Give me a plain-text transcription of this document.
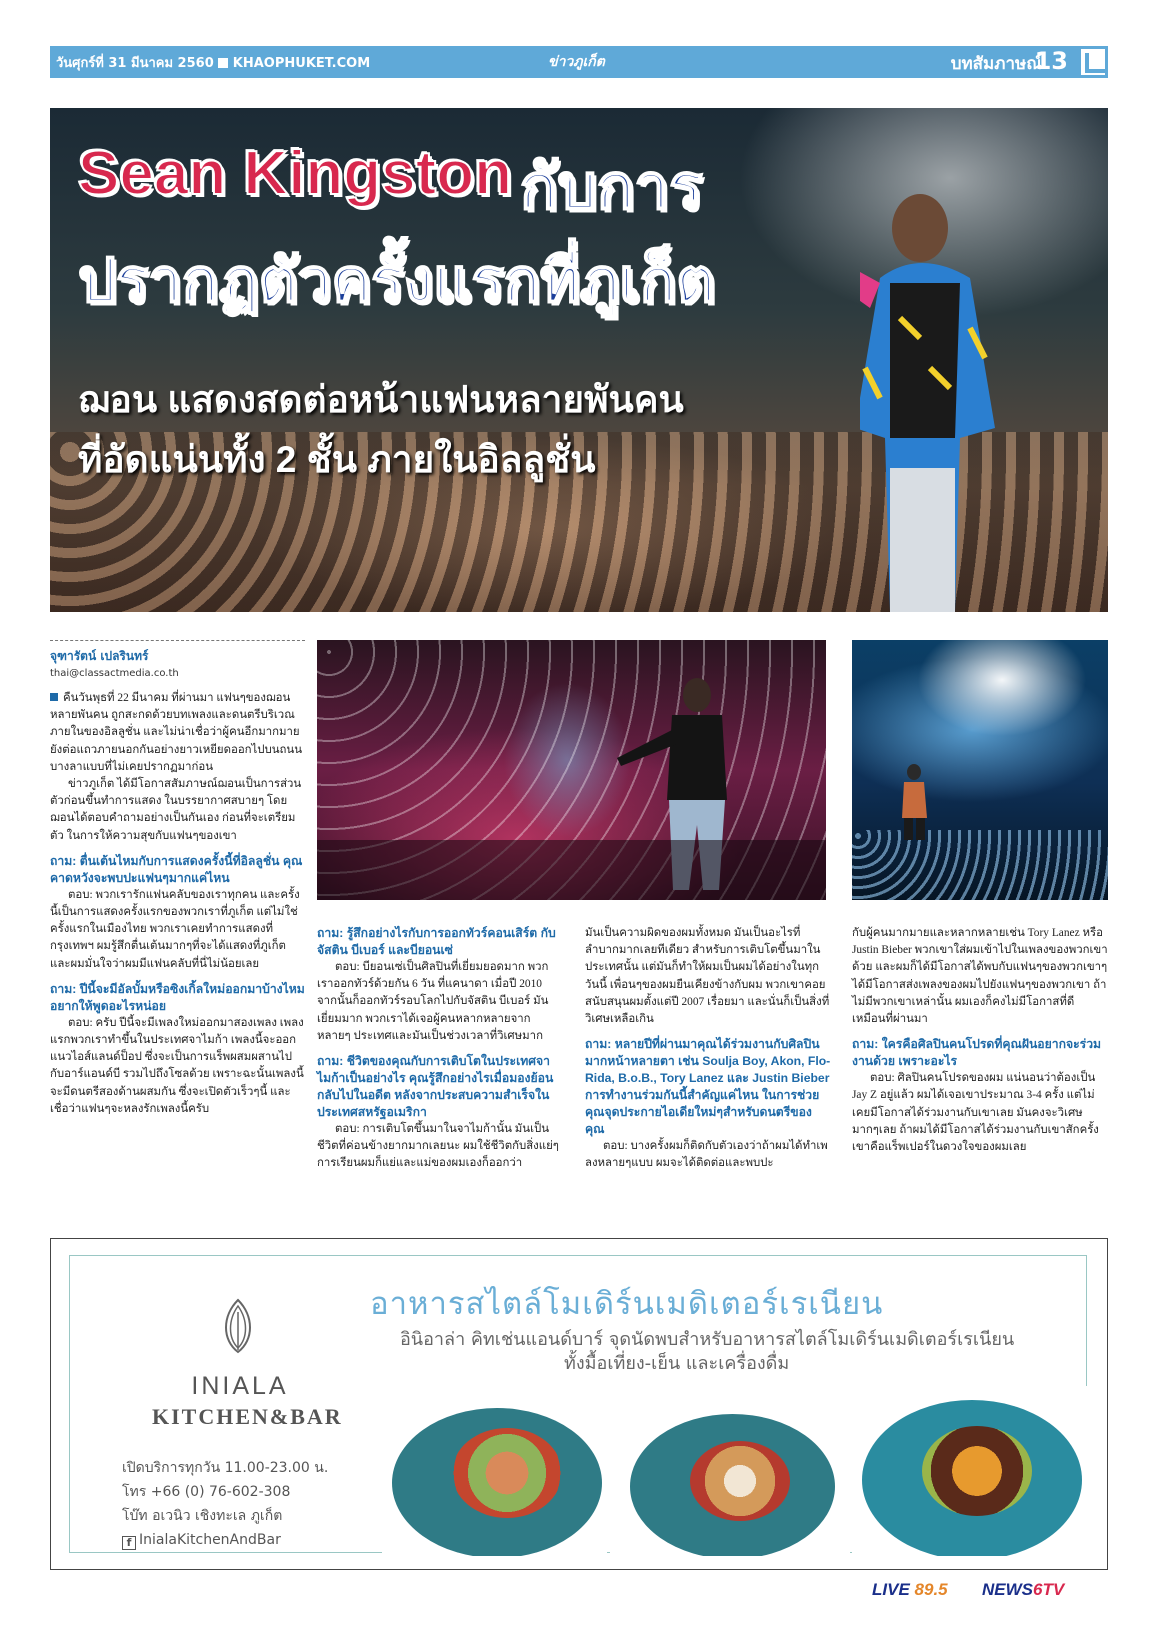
วันศุกร์ที่ 31 มีนาคม 2560 KHAOPHUKET.COM	ข่าวภูเก็ต	บทสัมภาษณ์
13
Sean Kingston กับการ
ปรากฏตัวครั้งแรกที่ภูเก็ต
ฌอน แสดงสดต่อหน้าแฟนหลายพันคน
ที่อัดแน่นทั้ง 2 ชั้น ภายในอิลลูชั่น
จุฑารัตน์ เปลรินทร์
thai@classactmedia.co.th

คืนวันพุธที่ 22 มีนาคม ที่ผ่านมา แฟนๆของฌอนหลายพันคน ถูกสะกดด้วยบทเพลงและดนตรีบริเวณภายในของอิลลูชั่น และไม่น่าเชื่อว่าผู้คนอีกมากมายยังต่อแถวภายนอกกันอย่างยาวเหยียดออกไปบนถนนบางลาแบบที่ไม่เคยปรากฏมาก่อน

ข่าวภูเก็ต ได้มีโอกาสสัมภาษณ์ฌอนเป็นการส่วนตัวก่อนขึ้นทำการแสดง ในบรรยากาศสบายๆ โดยฌอนได้ตอบคำถามอย่างเป็นกันเอง ก่อนที่จะเตรียมตัว ในการให้ความสุขกับแฟนๆของเขา

ถาม: ตื่นเต้นไหมกับการแสดงครั้งนี้ที่อิลลูชั่น คุณคาดหวังจะพบปะแฟนๆมากแค่ไหน

ตอบ: พวกเรารักแฟนคลับของเราทุกคน และครั้งนี้เป็นการแสดงครั้งแรกของพวกเราที่ภูเก็ต แต่ไม่ใช่ครั้งแรกในเมืองไทย พวกเราเคยทำการแสดงที่กรุงเทพฯ ผมรู้สึกตื่นเต้นมากๆที่จะได้แสดงที่ภูเก็ต และผมมั่นใจว่าผมมีแฟนคลับที่นี่ไม่น้อยเลย

ถาม: ปีนี้จะมีอัลบั้มหรือซิงเกิ้ลใหม่ออกมาบ้างไหม อยากให้พูดอะไรหน่อย

ตอบ: ครับ ปีนี้จะมีเพลงใหม่ออกมาสองเพลง เพลงแรกพวกเราทำขึ้นในประเทศจาไมก้า เพลงนี้จะออกแนวไอส์แลนด์ป็อป ซึ่งจะเป็นการแร็พผสมผสานไปกับอาร์แอนด์บี รวมไปถึงโซลด้วย เพราะฉะนั้นเพลงนี้จะมีดนตรีสองด้านผสมกัน ซึ่งจะเปิดตัวเร็วๆนี้ และเชื่อว่าแฟนๆจะหลงรักเพลงนี้ครับ

ถาม: รู้สึกอย่างไรกับการออกทัวร์คอนเสิร์ต กับ จัสติน บีเบอร์ และบียอนเซ่

ตอบ: บียอนเซ่เป็นศิลปินที่เยี่ยมยอดมาก พวกเราออกทัวร์ด้วยกัน 6 วัน ที่แคนาดา เมื่อปี 2010 จากนั้นก็ออกทัวร์รอบโลกไปกับจัสติน บีเบอร์ มันเยี่ยมมาก พวกเราได้เจอผู้คนหลากหลายจากหลายๆ ประเทศและมันเป็นช่วงเวลาที่วิเศษมาก

ถาม: ชีวิตของคุณกับการเติบโตในประเทศจาไมก้าเป็นอย่างไร คุณรู้สึกอย่างไรเมื่อมองย้อนกลับไปในอดีต หลังจากประสบความสำเร็จในประเทศสหรัฐอเมริกา

ตอบ: การเติบโตขึ้นมาในจาไมก้านั้น มันเป็นชีวิตที่ค่อนข้างยากมากเลยนะ ผมใช้ชีวิตกับสิ่งแย่ๆ การเรียนผมก็แย่และแม่ของผมเองก็ออกว่า

มันเป็นความผิดของผมทั้งหมด มันเป็นอะไรที่ลำบากมากเลยทีเดียว สำหรับการเติบโตขึ้นมาในประเทศนั้น แต่มันก็ทำให้ผมเป็นผมได้อย่างในทุกวันนี้ เพื่อนๆของผมยืนเคียงข้างกับผม พวกเขาคอยสนับสนุนผมตั้งแต่ปี 2007 เรื่อยมา และนั่นก็เป็นสิ่งที่วิเศษเหลือเกิน

ถาม: หลายปีที่ผ่านมาคุณได้ร่วมงานกับศิลปินมากหน้าหลายตา เช่น Soulja Boy, Akon, Flo-Rida, B.o.B., Tory Lanez และ Justin Bieber การทำงานร่วมกันนี้สำคัญแค่ไหน ในการช่วยคุณจุดประกายไอเดียใหม่ๆสำหรับดนตรีของคุณ

ตอบ: บางครั้งผมก็ติดกับตัวเองว่าถ้าผมได้ทำเพลงหลายๆแบบ ผมจะได้ติดต่อและพบปะ

กับผู้คนมากมายและหลากหลายเช่น Tory Lanez หรือ Justin Bieber พวกเขาใส่ผมเข้าไปในเพลงของพวกเขาด้วย และผมก็ได้มีโอกาสได้พบกับแฟนๆของพวกเขาๆ ได้มีโอกาสส่งเพลงของผมไปยังแฟนๆของพวกเขา ถ้าไม่มีพวกเขาเหล่านั้น ผมเองก็คงไม่มีโอกาสที่ดี เหมือนที่ผ่านมา

ถาม: ใครคือศิลปินคนโปรดที่คุณฝันอยากจะร่วมงานด้วย เพราะอะไร

ตอบ: ศิลปินคนโปรดของผม แน่นอนว่าต้องเป็น Jay Z อยู่แล้ว ผมได้เจอเขาประมาณ 3-4 ครั้ง แต่ไม่เคยมีโอกาสได้ร่วมงานกับเขาเลย มันคงจะวิเศษมากๆเลย ถ้าผมได้มีโอกาสได้ร่วมงานกับเขาสักครั้ง เขาคือแร็พเปอร์ในดวงใจของผมเลย

INIALA
KITCHEN&BAR
อาหารสไตล์โมเดิร์นเมดิเตอร์เรเนียน
อินิอาล่า คิทเช่นแอนด์บาร์ จุดนัดพบสำหรับอาหารสไตล์โมเดิร์นเมดิเตอร์เรเนียน
ทั้งมื้อเที่ยง-เย็น และเครื่องดื่ม
เปิดบริการทุกวัน 11.00-23.00 น.
โทร +66 (0) 76-602-308
โบ๊ท อเวนิว เชิงทะเล ภูเก็ต
f InialaKitchenAndBar
LIVE 89.5 NEWS6TV
